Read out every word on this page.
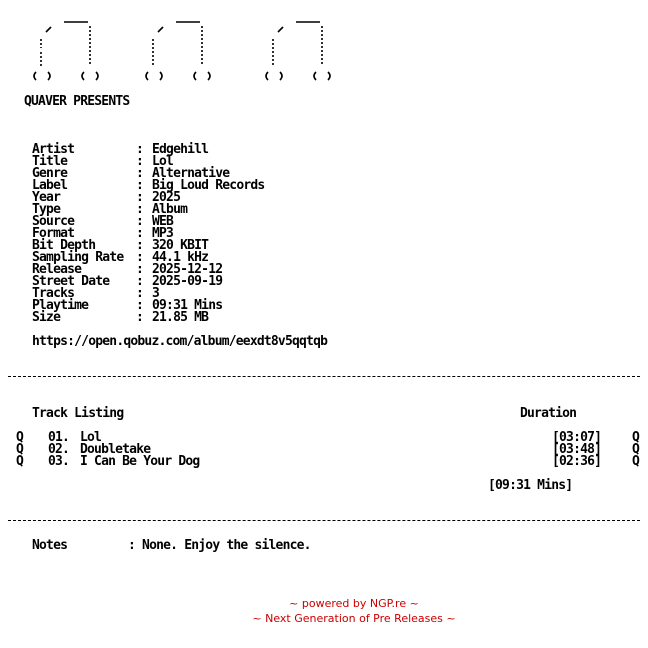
QUAVER PRESENTS
Artist	: Edgehill
Title	: Lol
Genre	: Alternative
Label	: Big Loud Records
Year	: 2025
Type	: Album
Source	: WEB
Format	: MP3
Bit Depth	: 320 KBIT
Sampling Rate : 44.1 kHz
Release	: 2025-12-12
Street Date : 2025-09-19
Tracks	: 3
Playtime	: 09:31 Mins
Size	: 21.85 MB
https://open.qobuz.com/album/eexdt8v5qqtqb
Track Listing	Duration
Q 01. Lol	[03:07] Q
Q 02. Doubletake	[03:48] Q
Q 03. I Can Be Your Dog	[02:36] Q
[09:31 Mins]
Notes	: None. Enjoy the silence.
~ powered by NGP.re ~
~ Next Generation of Pre Releases ~
